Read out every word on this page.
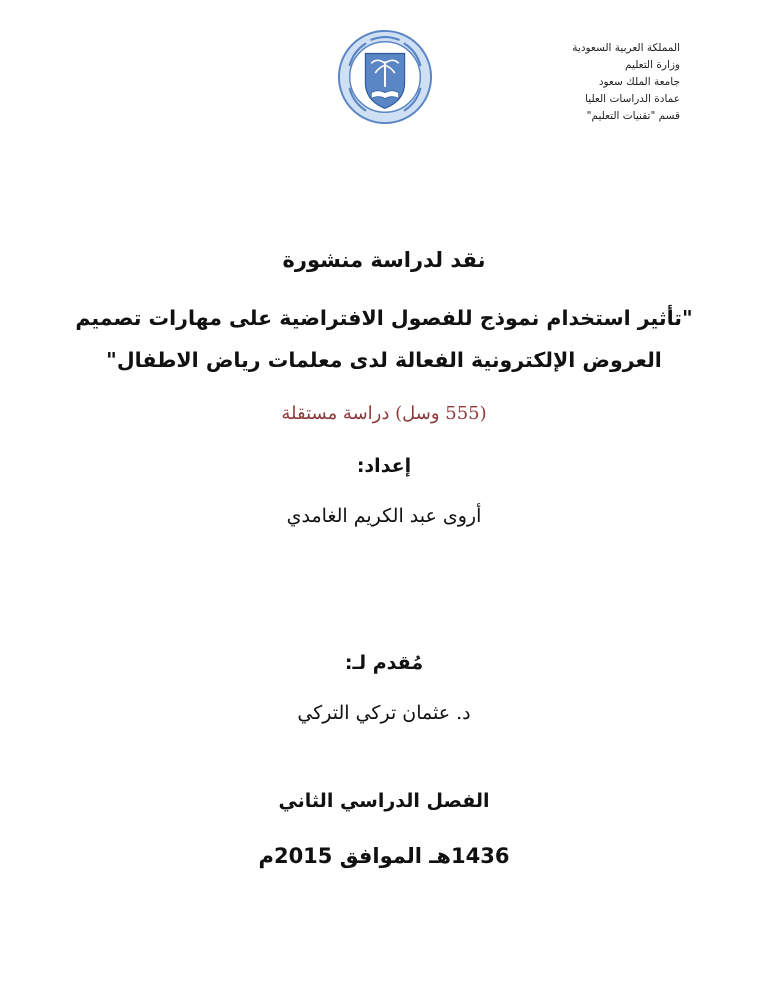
المملكة العربية السعودية
وزارة التعليم
جامعة الملك سعود
عمادة الدراسات العليا
قسم "تقنيات التعليم"
نقد لدراسة منشورة
"تأثير استخدام نموذج للفصول الافتراضية على مهارات تصميم
العروض الإلكترونية الفعالة لدى معلمات رياض الاطفال"
(555 وسل) دراسة مستقلة
إعداد:
أروى عبد الكريم الغامدي
مُقدم لـ:
د. عثمان تركي التركي
الفصل الدراسي الثاني
1436هـ الموافق 2015م
